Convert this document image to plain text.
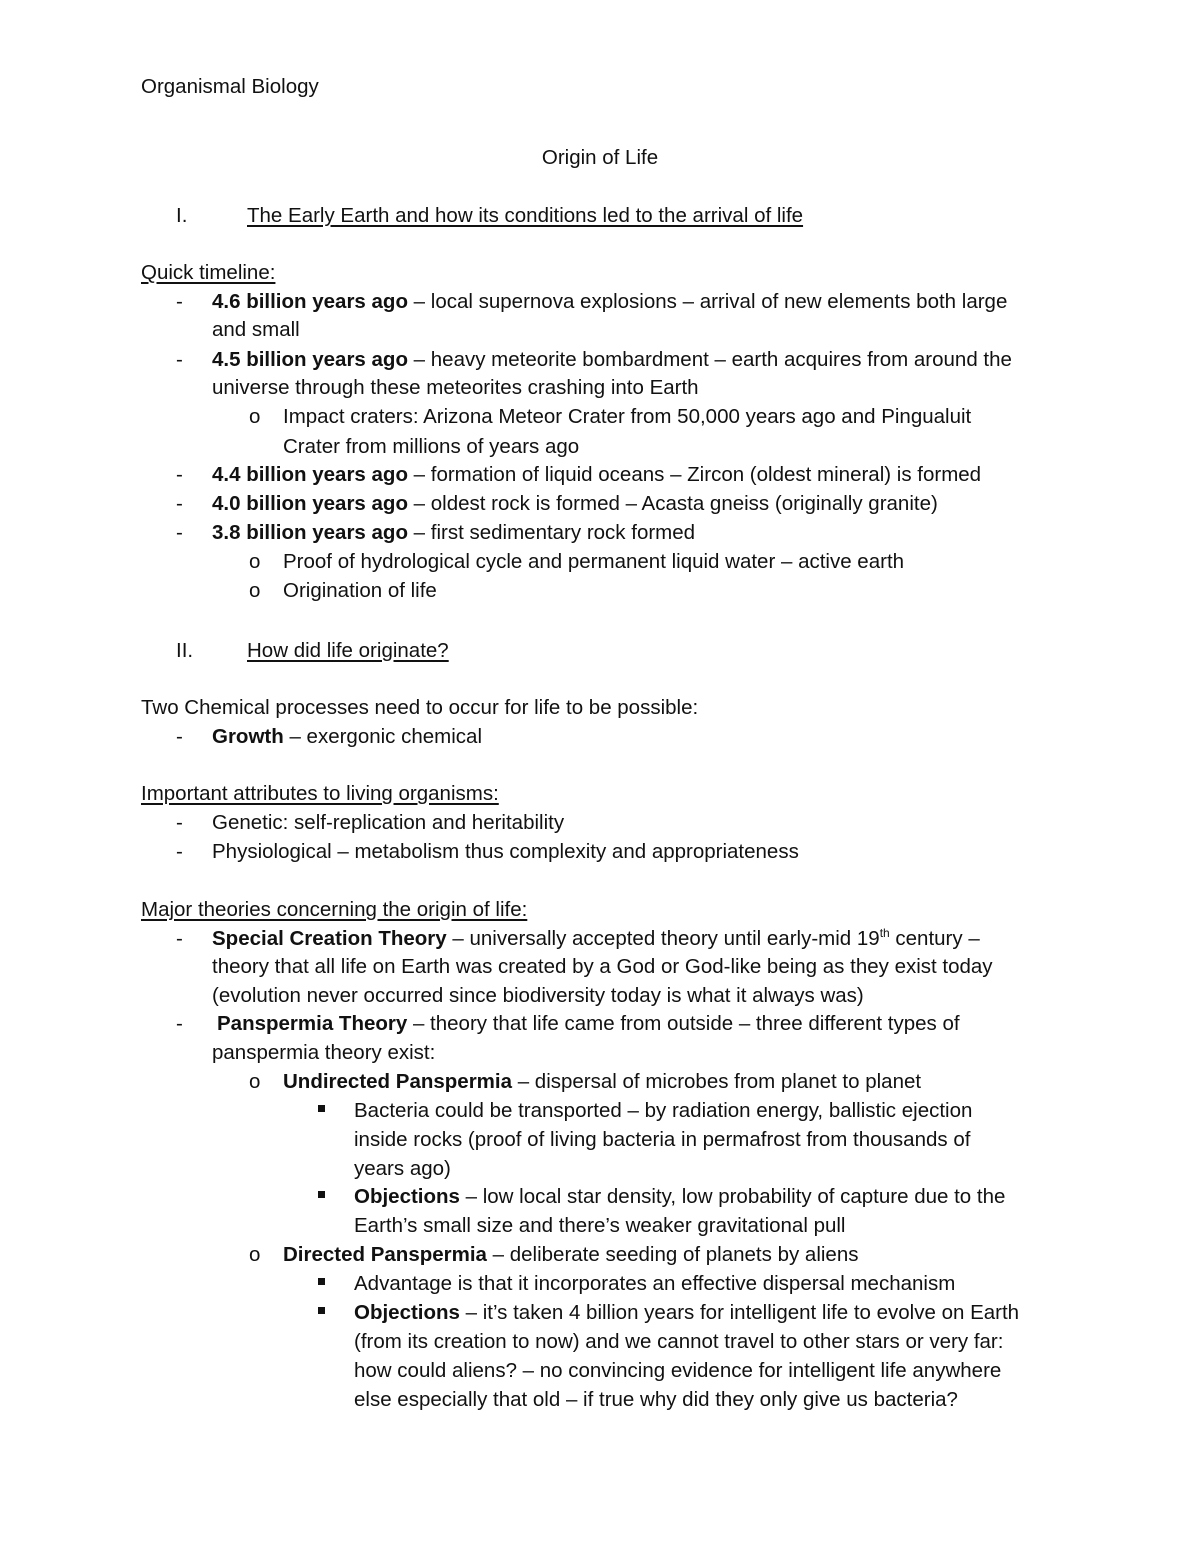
Organismal Biology
Origin of Life
I.	The Early Earth and how its conditions led to the arrival of life
Quick timeline:
- 4.6 billion years ago – local supernova explosions – arrival of new elements both large
and small
- 4.5 billion years ago – heavy meteorite bombardment – earth acquires from around the
universe through these meteorites crashing into Earth
o Impact craters: Arizona Meteor Crater from 50,000 years ago and Pingualuit
Crater from millions of years ago
- 4.4 billion years ago – formation of liquid oceans – Zircon (oldest mineral) is formed
- 4.0 billion years ago – oldest rock is formed – Acasta gneiss (originally granite)
- 3.8 billion years ago – first sedimentary rock formed
o Proof of hydrological cycle and permanent liquid water – active earth
o Origination of life
II.	How did life originate?
Two Chemical processes need to occur for life to be possible:
- Growth – exergonic chemical
Important attributes to living organisms:
- Genetic: self-replication and heritability
- Physiological – metabolism thus complexity and appropriateness
Major theories concerning the origin of life:
- Special Creation Theory – universally accepted theory until early-mid 19th century –
theory that all life on Earth was created by a God or God-like being as they exist today
(evolution never occurred since biodiversity today is what it always was)
- Panspermia Theory – theory that life came from outside – three different types of
panspermia theory exist:
o Undirected Panspermia – dispersal of microbes from planet to planet
Bacteria could be transported – by radiation energy, ballistic ejection
inside rocks (proof of living bacteria in permafrost from thousands of
years ago)
Objections – low local star density, low probability of capture due to the
Earth’s small size and there’s weaker gravitational pull
o Directed Panspermia – deliberate seeding of planets by aliens
Advantage is that it incorporates an effective dispersal mechanism
Objections – it’s taken 4 billion years for intelligent life to evolve on Earth
(from its creation to now) and we cannot travel to other stars or very far:
how could aliens? – no convincing evidence for intelligent life anywhere
else especially that old – if true why did they only give us bacteria?
